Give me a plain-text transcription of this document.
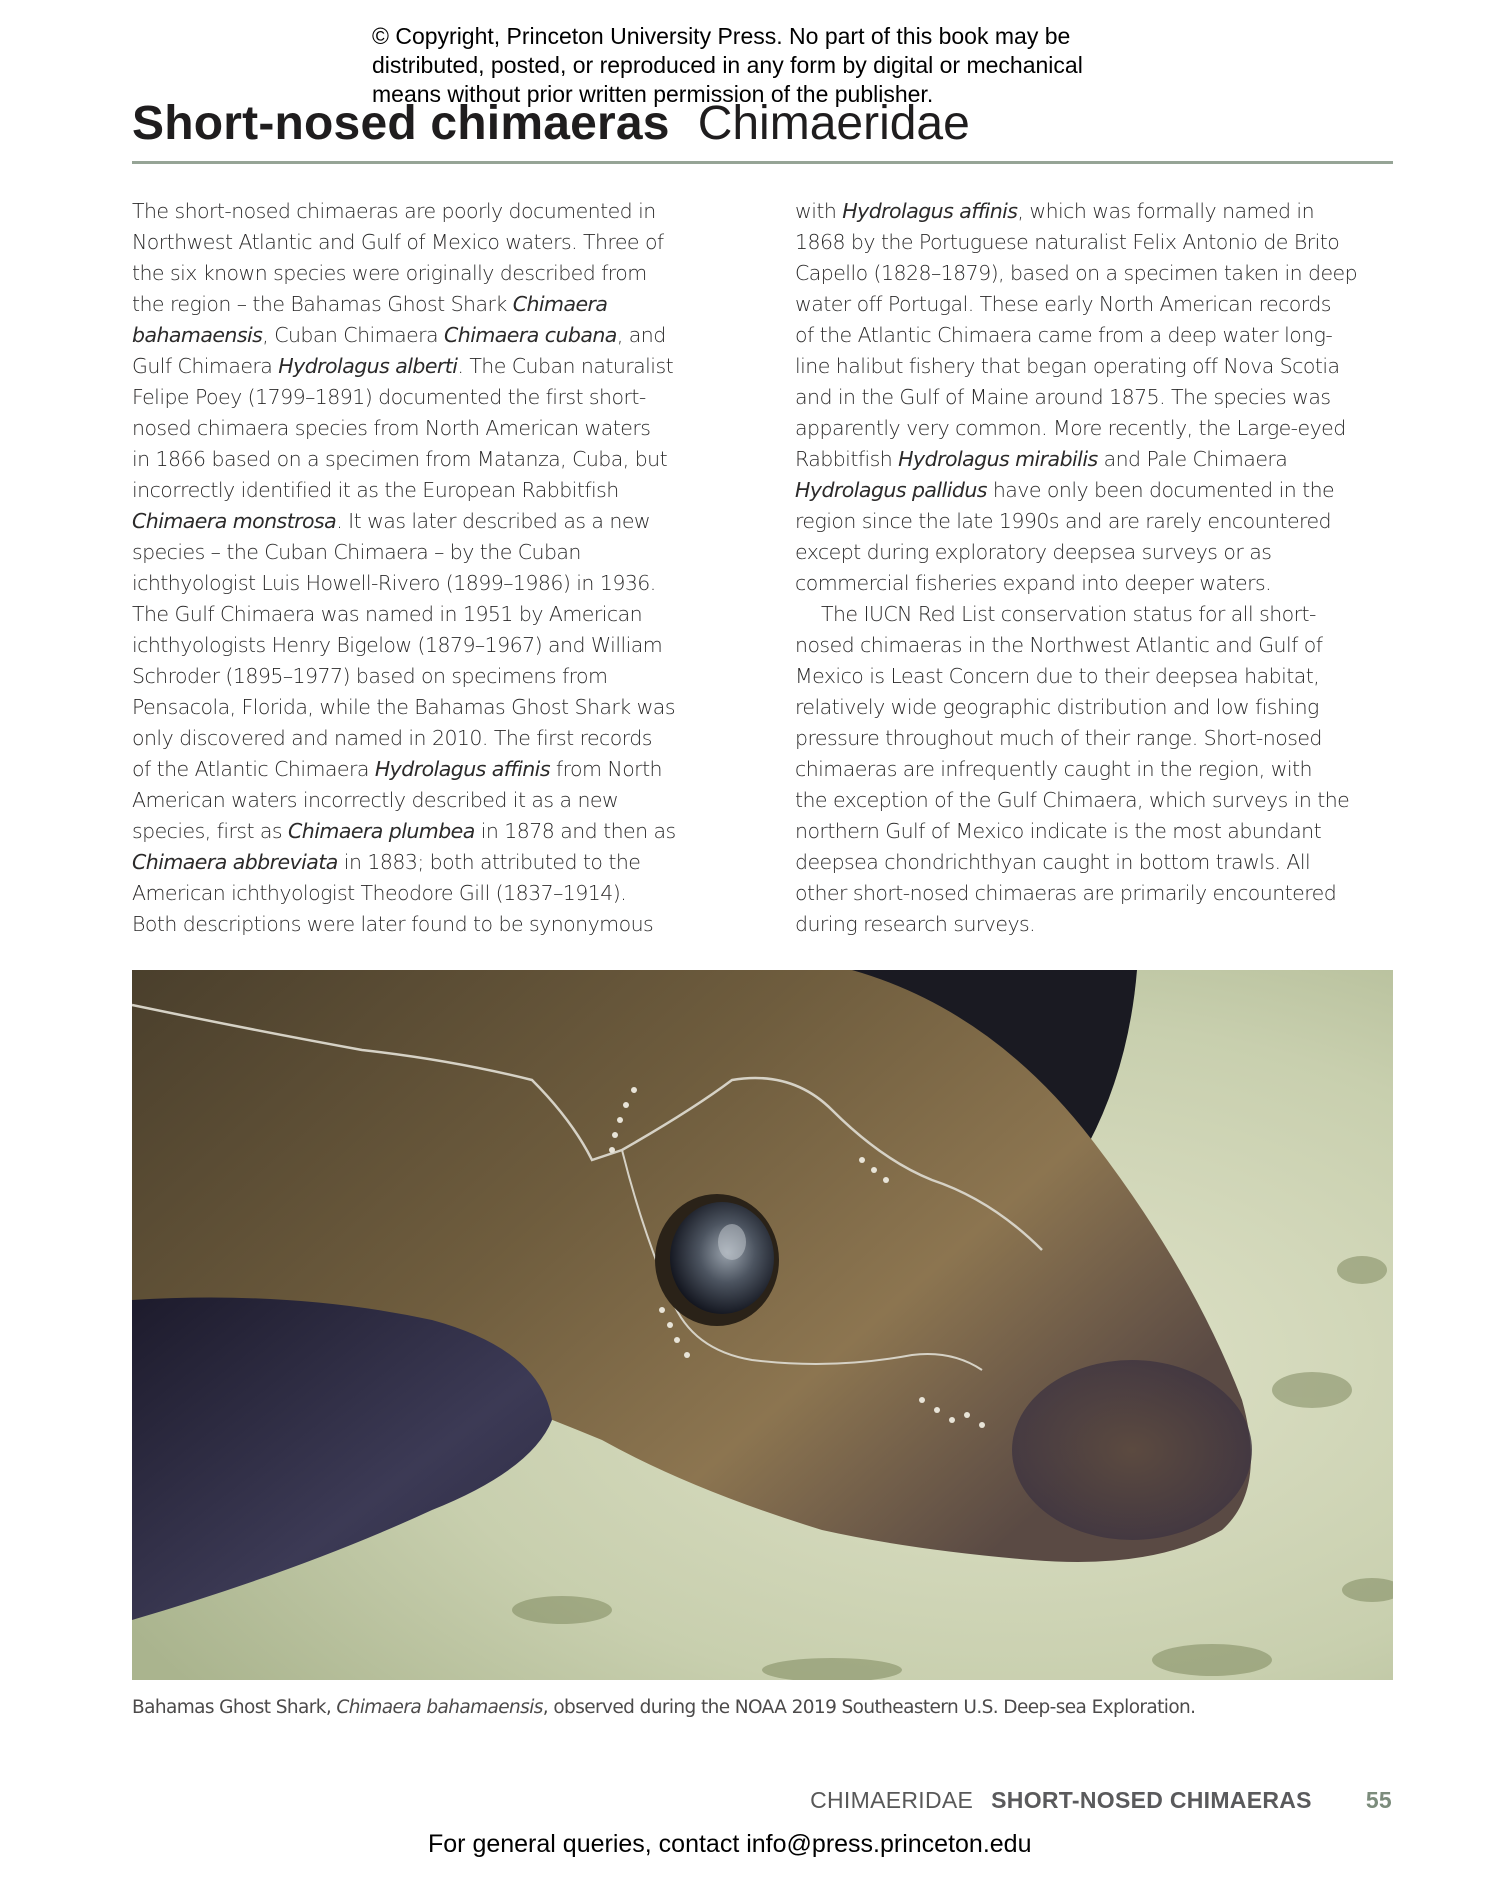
© Copyright, Princeton University Press. No part of this book may be
distributed, posted, or reproduced in any form by digital or mechanical
means without prior written permission of the publisher.
Short-nosed chimaeras Chimaeridae
The short-nosed chimaeras are poorly documented in
Northwest Atlantic and Gulf of Mexico waters. Three of
the six known species were originally described from
the region – the Bahamas Ghost Shark Chimaera
bahamaensis, Cuban Chimaera Chimaera cubana, and
Gulf Chimaera Hydrolagus alberti. The Cuban naturalist
Felipe Poey (1799–1891) documented the first short-
nosed chimaera species from North American waters
in 1866 based on a specimen from Matanza, Cuba, but
incorrectly identified it as the European Rabbitfish
Chimaera monstrosa. It was later described as a new
species – the Cuban Chimaera – by the Cuban
ichthyologist Luis Howell-Rivero (1899–1986) in 1936.
The Gulf Chimaera was named in 1951 by American
ichthyologists Henry Bigelow (1879–1967) and William
Schroder (1895–1977) based on specimens from
Pensacola, Florida, while the Bahamas Ghost Shark was
only discovered and named in 2010. The first records
of the Atlantic Chimaera Hydrolagus affinis from North
American waters incorrectly described it as a new
species, first as Chimaera plumbea in 1878 and then as
Chimaera abbreviata in 1883; both attributed to the
American ichthyologist Theodore Gill (1837–1914).
Both descriptions were later found to be synonymous
with Hydrolagus affinis, which was formally named in
1868 by the Portuguese naturalist Felix Antonio de Brito
Capello (1828–1879), based on a specimen taken in deep
water off Portugal. These early North American records
of the Atlantic Chimaera came from a deep water long-
line halibut fishery that began operating off Nova Scotia
and in the Gulf of Maine around 1875. The species was
apparently very common. More recently, the Large-eyed
Rabbitfish Hydrolagus mirabilis and Pale Chimaera
Hydrolagus pallidus have only been documented in the
region since the late 1990s and are rarely encountered
except during exploratory deepsea surveys or as
commercial fisheries expand into deeper waters.
The IUCN Red List conservation status for all short-
nosed chimaeras in the Northwest Atlantic and Gulf of
Mexico is Least Concern due to their deepsea habitat,
relatively wide geographic distribution and low fishing
pressure throughout much of their range. Short-nosed
chimaeras are infrequently caught in the region, with
the exception of the Gulf Chimaera, which surveys in the
northern Gulf of Mexico indicate is the most abundant
deepsea chondrichthyan caught in bottom trawls. All
other short-nosed chimaeras are primarily encountered
during research surveys.
Bahamas Ghost Shark, Chimaera bahamaensis, observed during the NOAA 2019 Southeastern U.S. Deep-sea Exploration.
CHIMAERIDAE SHORT-NOSED CHIMAERAS 55
For general queries, contact info@press.princeton.edu
